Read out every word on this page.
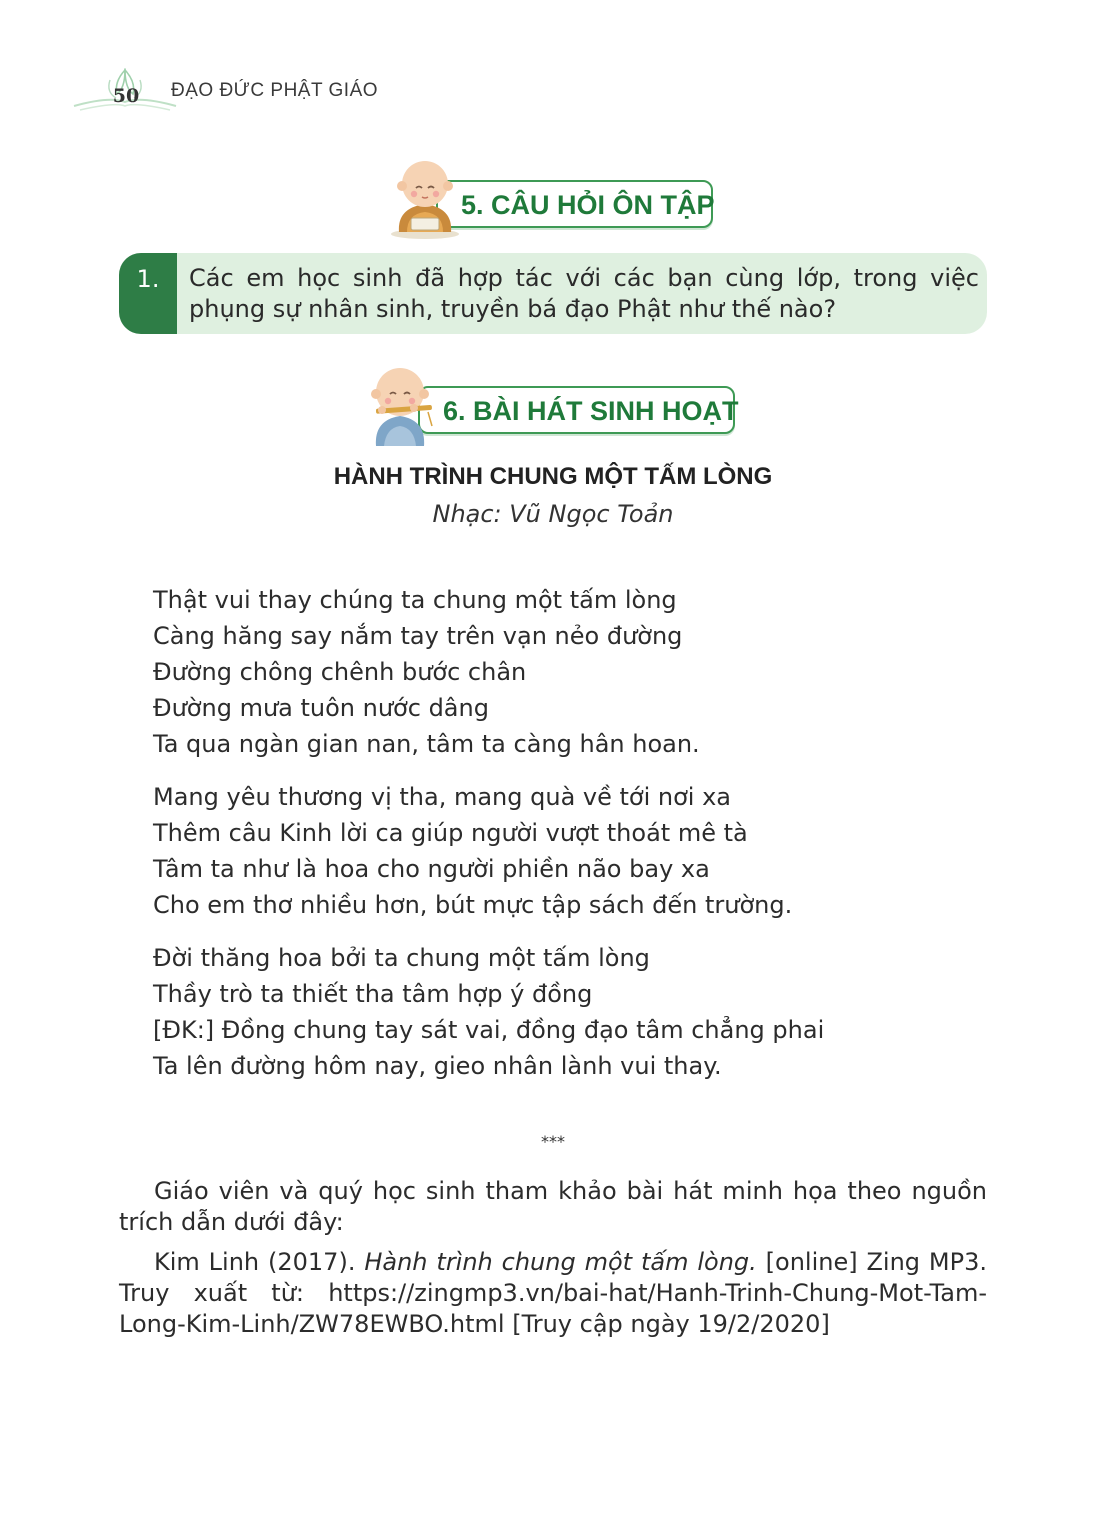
50	ĐẠO ĐỨC PHẬT GIÁO
5. CÂU HỎI ÔN TẬP
1.	Các em học sinh đã hợp tác với các bạn cùng lớp, trong việc phụng sự nhân sinh, truyền bá đạo Phật như thế nào?
6. BÀI HÁT SINH HOẠT
HÀNH TRÌNH CHUNG MỘT TẤM LÒNG
Nhạc: Vũ Ngọc Toản
Thật vui thay chúng ta chung một tấm lòng
Càng hăng say nắm tay trên vạn nẻo đường
Đường chông chênh bước chân
Đường mưa tuôn nước dâng
Ta qua ngàn gian nan, tâm ta càng hân hoan.
Mang yêu thương vị tha, mang quà về tới nơi xa
Thêm câu Kinh lời ca giúp người vượt thoát mê tà
Tâm ta như là hoa cho người phiền não bay xa
Cho em thơ nhiều hơn, bút mực tập sách đến trường.
Đời thăng hoa bởi ta chung một tấm lòng
Thầy trò ta thiết tha tâm hợp ý đồng
[ĐK:] Đồng chung tay sát vai, đồng đạo tâm chẳng phai
Ta lên đường hôm nay, gieo nhân lành vui thay.
***
Giáo viên và quý học sinh tham khảo bài hát minh họa theo nguồn trích dẫn dưới đây:
Kim Linh (2017). Hành trình chung một tấm lòng. [online] Zing MP3. Truy xuất từ: https://zingmp3.vn/bai-hat/Hanh-Trinh-Chung-Mot-Tam-Long-Kim-Linh/ZW78EWBO.html [Truy cập ngày 19/2/2020]
